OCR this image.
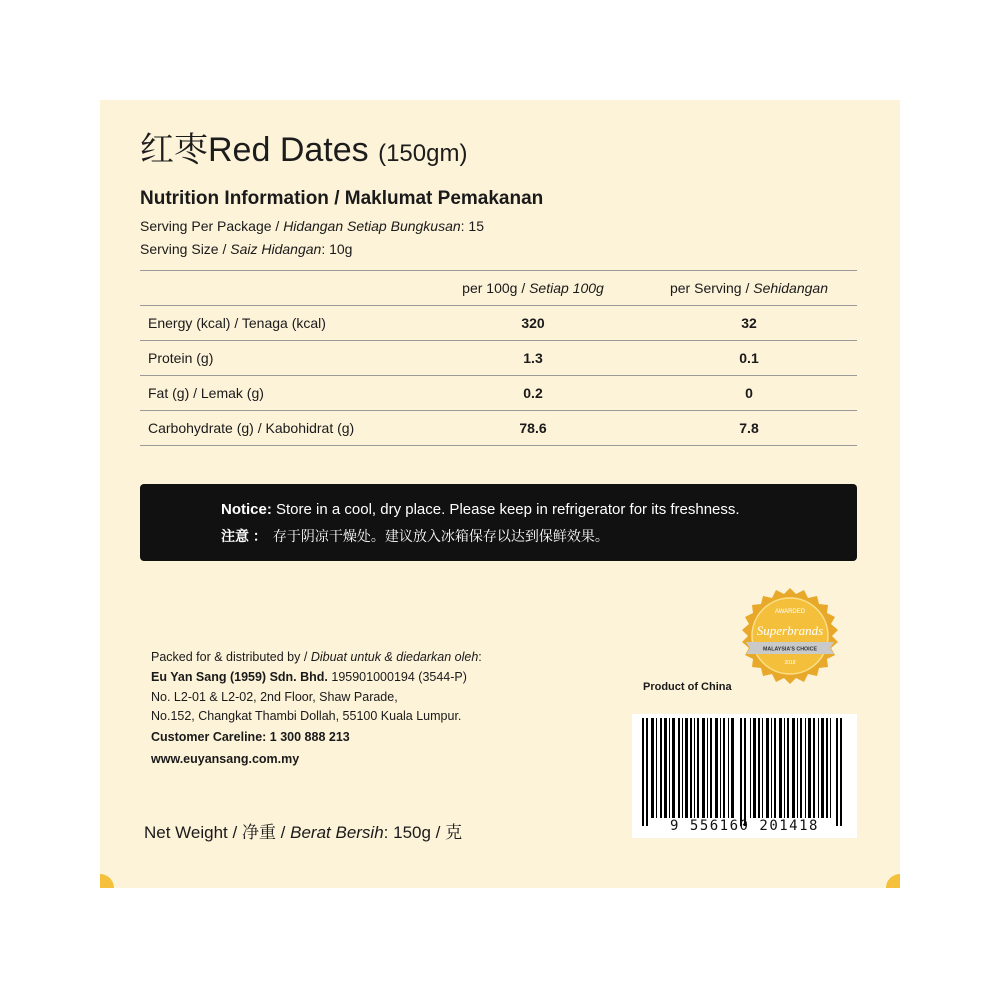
红枣Red Dates (150gm)
Nutrition Information / Maklumat Pemakanan
Serving Per Package / Hidangan Setiap Bungkusan: 15
Serving Size / Saiz Hidangan: 10g
	per 100g / Setiap 100g	per Serving / Sehidangan
Energy (kcal) / Tenaga (kcal)	320	32
Protein (g)	1.3	0.1
Fat (g) / Lemak (g)	0.2	0
Carbohydrate (g) / Kabohidrat (g)	78.6	7.8
Notice: Store in a cool, dry place. Please keep in refrigerator for its freshness.
注意 ： 存于阴凉干燥处。建议放入冰箱保存以达到保鲜效果。
AWARDED
Superbrands
MALAYSIA'S CHOICE
2018
Product of China
Packed for & distributed by / Dibuat untuk & diedarkan oleh:
Eu Yan Sang (1959) Sdn. Bhd. 195901000194 (3544-P)
No. L2-01 & L2-02, 2nd Floor, Shaw Parade,
No.152, Changkat Thambi Dollah, 55100 Kuala Lumpur.
Customer Careline: 1 300 888 213
www.euyansang.com.my
Net Weight / 净重 / Berat Bersih: 150g / 克	9 556160 201418
